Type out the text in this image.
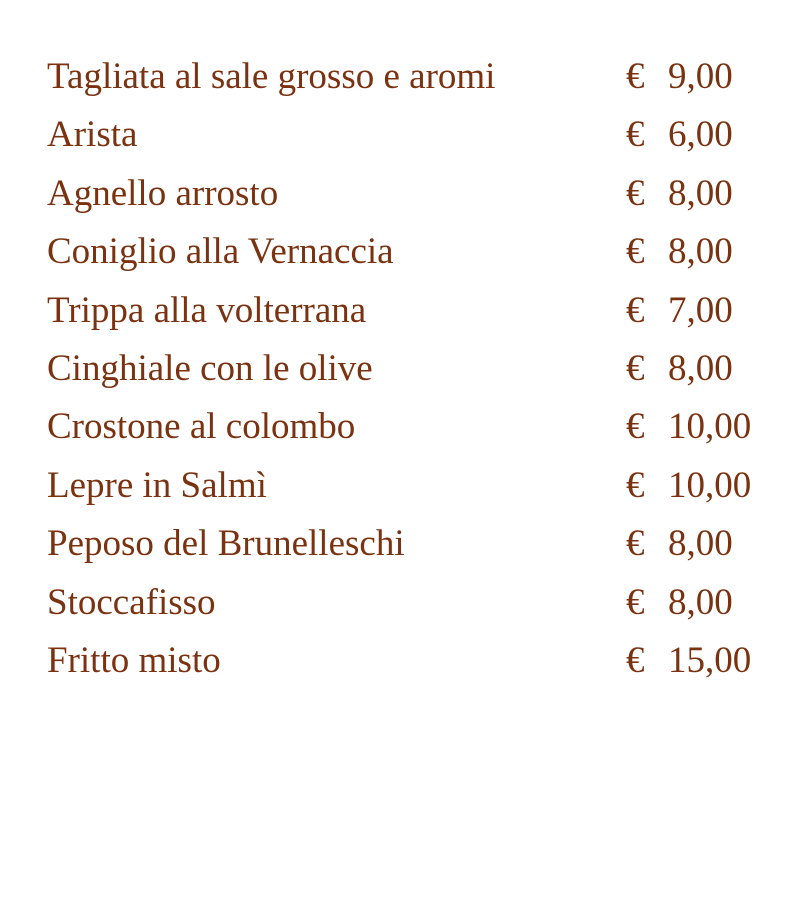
Tagliata al sale grosso e aromi	€ 9,00
Arista	€ 6,00
Agnello arrosto	€ 8,00
Coniglio alla Vernaccia	€ 8,00
Trippa alla volterrana	€ 7,00
Cinghiale con le olive	€ 8,00
Crostone al colombo	€ 10,00
Lepre in Salmì	€ 10,00
Peposo del Brunelleschi	€ 8,00
Stoccafisso	€ 8,00
Fritto misto	€ 15,00
